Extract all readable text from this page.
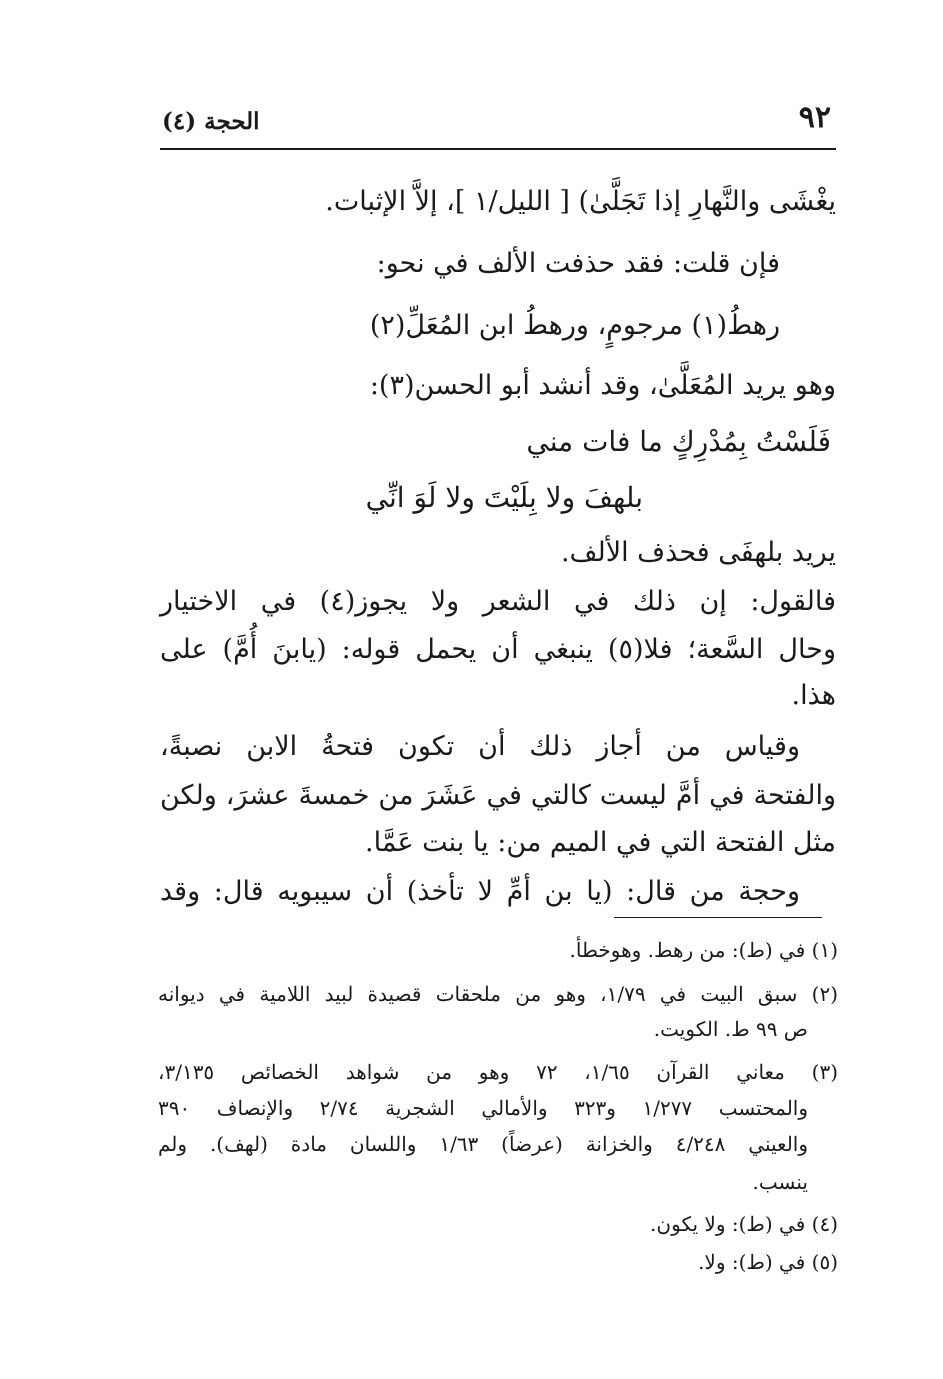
٩٢
الحجة (٤)
يغْشَى والنَّهارِ إذا تَجَلَّىٰ) [ الليل/١ ]، إلاَّ الإثبات.
فإن قلت: فقد حذفت الألف في نحو:
رهطُ(١) مرجومٍ، ورهطُ ابن المُعَلِّ(٢)
وهو يريد المُعَلَّىٰ، وقد أنشد أبو الحسن(٣):
فَلَسْتُ بِمُدْرِكٍ ما فات مني
بلهفَ ولا بِلَيْتَ ولا لَوَ انِّي
يريد بلهفَى فحذف الألف.
فالقول: إن ذلك في الشعر ولا يجوز(٤) في الاختيار
وحال السَّعة؛ فلا(٥) ينبغي أن يحمل قوله: (يابنَ أُمَّ) على
هذا.
وقياس من أجاز ذلك أن تكون فتحةُ الابن نصبةً،
والفتحة في أمَّ ليست كالتي في عَشَرَ من خمسةَ عشرَ، ولكن
مثل الفتحة التي في الميم من: يا بنت عَمَّا.
وحجة من قال: (يا بن أمِّ لا تأخذ) أن سيبويه قال: وقد
(١) في (ط): من رهط. وهوخطأ.
(٢) سبق البيت في ١/٧٩، وهو من ملحقات قصيدة لبيد اللامية في ديوانه
ص ٩٩ ط. الكويت.
(٣) معاني القرآن ١/٦٥، ٧٢ وهو من شواهد الخصائص ٣/١٣٥،
والمحتسب ١/٢٧٧ و٣٢٣ والأمالي الشجرية ٢/٧٤ والإنصاف ٣٩٠
والعيني ٤/٢٤٨ والخزانة (عرضاً) ١/٦٣ واللسان مادة (لهف). ولم
ينسب.
(٤) في (ط): ولا يكون.
(٥) في (ط): ولا.
